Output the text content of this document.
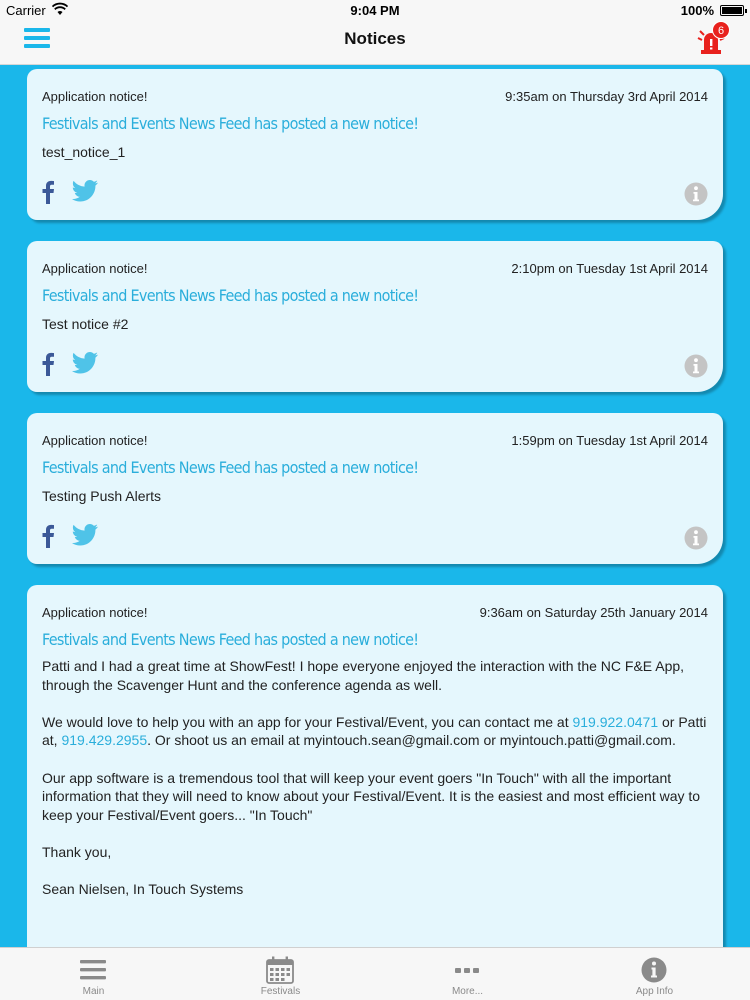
Carrier	9:04 PM	100%
Notices	6
Application notice!	9:35am on Thursday 3rd April 2014
Festivals and Events News Feed has posted a new notice!
test_notice_1
Application notice!	2:10pm on Tuesday 1st April 2014
Festivals and Events News Feed has posted a new notice!
Test notice #2
Application notice!	1:59pm on Tuesday 1st April 2014
Festivals and Events News Feed has posted a new notice!
Testing Push Alerts
Application notice!	9:36am on Saturday 25th January 2014
Festivals and Events News Feed has posted a new notice!

Patti and I had a great time at ShowFest! I hope everyone enjoyed the interaction with the NC F&E App, through the Scavenger Hunt and the conference agenda as well.

We would love to help you with an app for your Festival/Event, you can contact me at 919.922.0471 or Patti at, 919.429.2955. Or shoot us an email at myintouch.sean@gmail.com or myintouch.patti@gmail.com.

Our app software is a tremendous tool that will keep your event goers "In Touch" with all the important information that they will need to know about your Festival/Event. It is the easiest and most efficient way to keep your Festival/Event goers... "In Touch"

Thank you,

Sean Nielsen, In Touch Systems

Main	Festivals	More...	App Info
